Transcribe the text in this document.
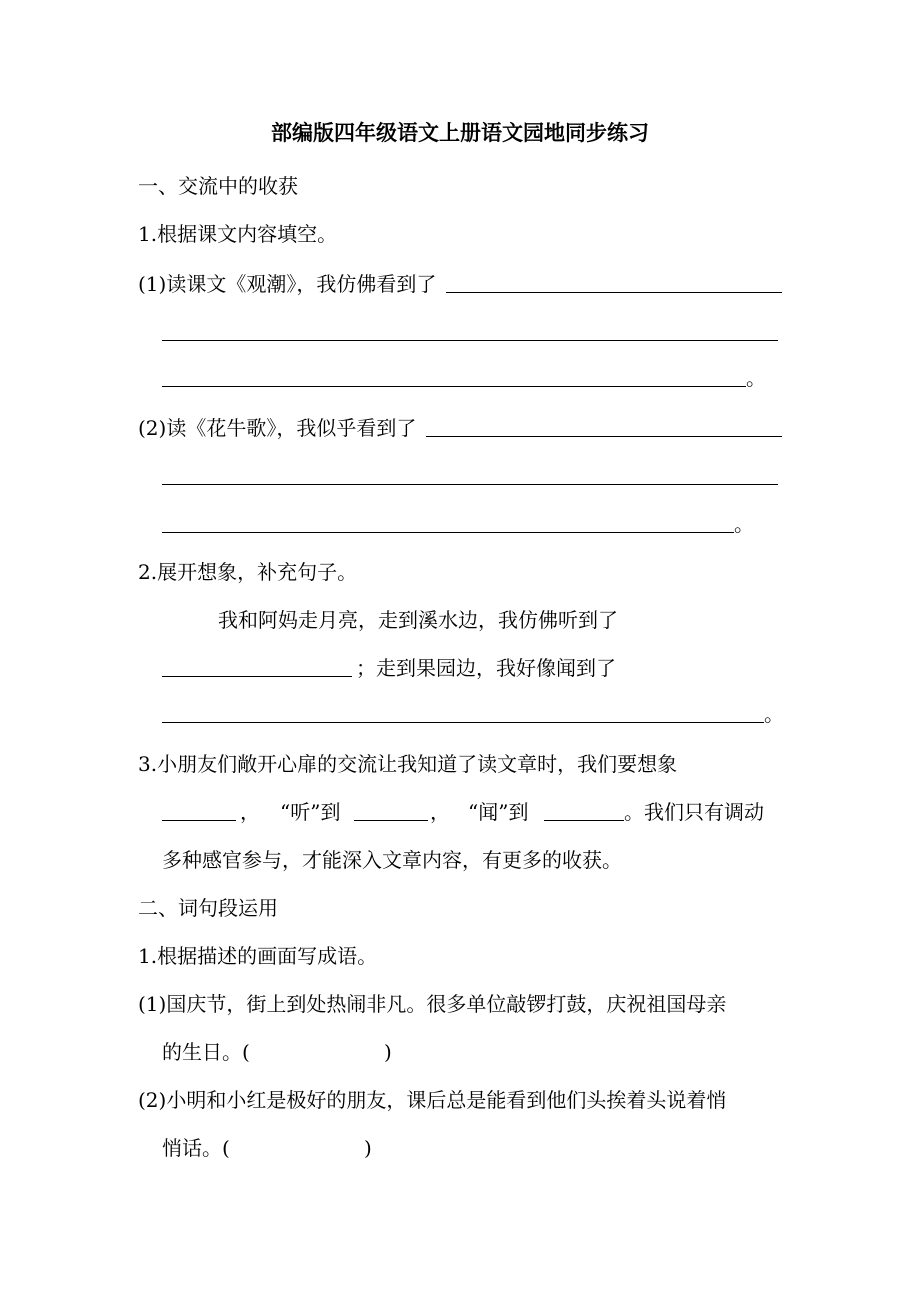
部编版四年级语文上册语文园地同步练习
一、交流中的收获
1.根据课文内容填空。
(1)读课文《观潮》，我仿佛看到了
。
(2)读《花牛歌》，我似乎看到了
。
2.展开想象，补充句子。
我和阿妈走月亮，走到溪水边，我仿佛听到了
；走到果园边，我好像闻到了
。
3.小朋友们敞开心扉的交流让我知道了读文章时，我们要想象
， “听”到	， “闻”到	。我们只有调动
多种感官参与，才能深入文章内容，有更多的收获。
二、词句段运用
1.根据描述的画面写成语。
(1)国庆节，街上到处热闹非凡。很多单位敲锣打鼓，庆祝祖国母亲
的生日。(	)
(2)小明和小红是极好的朋友，课后总是能看到他们头挨着头说着悄
悄话。(	)
